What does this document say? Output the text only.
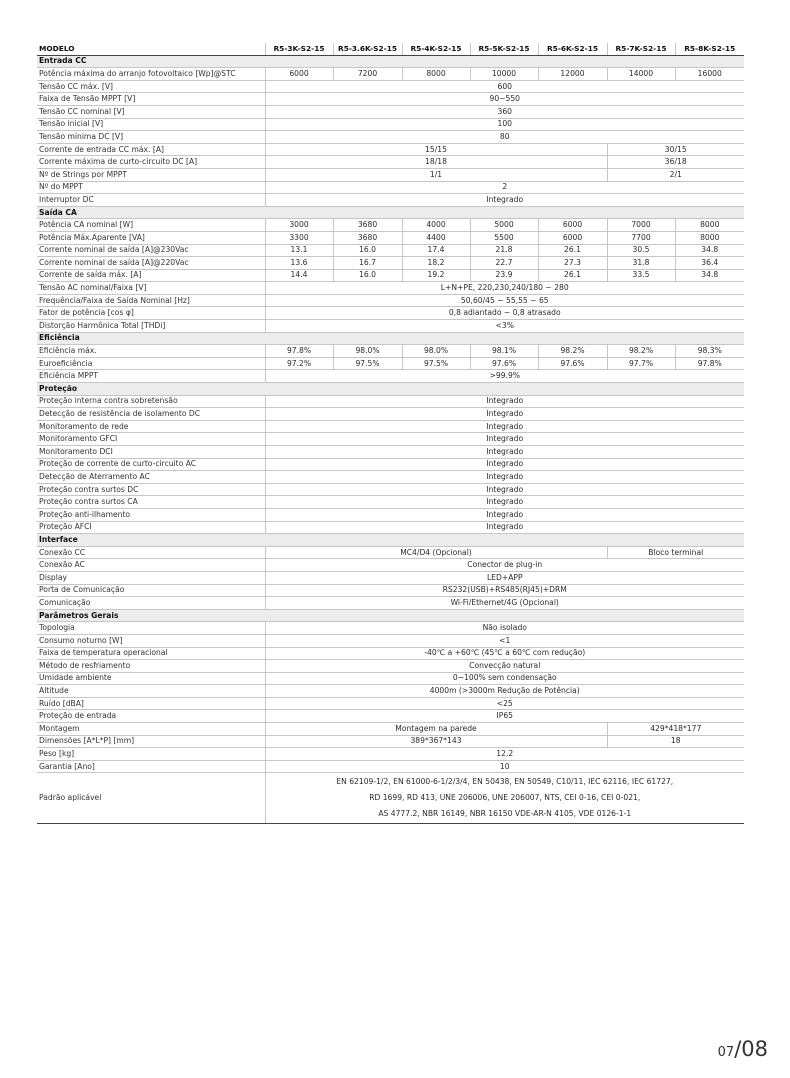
MODELO	R5-3K-S2-15	R5-3.6K-S2-15	R5-4K-S2-15	R5-5K-S2-15	R5-6K-S2-15	R5-7K-S2-15	R5-8K-S2-15
Entrada CC							
Potência máxima do arranjo fotovoltaico [Wp]@STC	6000	7200	8000	10000	12000	14000	16000
Tensão CC máx. [V]	600						
Faixa de Tensão MPPT [V]	90~550						
Tensão CC nominal [V]	360						
Tensão inicial [V]	100						
Tensão mínima DC [V]	80						
Corrente de entrada CC máx. [A]	15/15					30/15	
Corrente máxima de curto-circuito DC [A]	18/18					36/18	
Nº de Strings por MPPT	1/1					2/1	
Nº do MPPT	2						
Interruptor DC	Integrado						
Saída CA							
Potência CA nominal [W]	3000	3680	4000	5000	6000	7000	8000
Potência Máx.Aparente [VA]	3300	3680	4400	5500	6000	7700	8000
Corrente nominal de saída [A]@230Vac	13.1	16.0	17.4	21.8	26.1	30.5	34.8
Corrente nominal de saída [A]@220Vac	13.6	16.7	18.2	22.7	27.3	31.8	36.4
Corrente de saída máx. [A]	14.4	16.0	19.2	23.9	26.1	33.5	34.8
Tensão AC nominal/Faixa [V]	L+N+PE, 220,230,240/180 ~ 280						
Frequência/Faixa de Saída Nominal [Hz]	50,60/45 ~ 55,55 ~ 65						
Fator de potência [cos φ]	0,8 adiantado ~ 0,8 atrasado						
Distorção Harmônica Total [THDi]	<3%						
Eficiência							
Eficiência máx.	97.8%	98.0%	98.0%	98.1%	98.2%	98.2%	98.3%
Euroeficiência	97.2%	97.5%	97.5%	97.6%	97.6%	97.7%	97.8%
Eficiência MPPT	>99.9%						
Proteção							
Proteção interna contra sobretensão	Integrado						
Detecção de resistência de isolamento DC	Integrado						
Monitoramento de rede	Integrado						
Monitoramento GFCI	Integrado						
Monitoramento DCI	Integrado						
Proteção de corrente de curto-circuito AC	Integrado						
Detecção de Aterramento AC	Integrado						
Proteção contra surtos DC	Integrado						
Proteção contra surtos CA	Integrado						
Proteção anti-ilhamento	Integrado						
Proteção AFCI	Integrado						
Interface							
Conexão CC	MC4/D4 (Opcional)					Bloco terminal	
Conexão AC	Conector de plug-in						
Display	LED+APP						
Porta de Comunicação	RS232(USB)+RS485(RJ45)+DRM						
Comunicação	Wi-Fi/Ethernet/4G (Opcional)						
Parâmetros Gerais							
Topologia	Não isolado						
Consumo noturno [W]	<1						
Faixa de temperatura operacional	-40℃ a +60℃ (45℃ a 60℃ com redução)						
Método de resfriamento	Convecção natural						
Umidade ambiente	0~100% sem condensação						
Altitude	4000m (>3000m Redução de Potência)						
Ruído [dBA]	<25						
Proteção de entrada	IP65						
Montagem	Montagem na parede					429*418*177	
Dimensões [A*L*P] [mm]	389*367*143					18	
Peso [kg]	12.2						
Garantia [Ano]	10						
Padrão aplicável	EN 62109-1/2, EN 61000-6-1/2/3/4, EN 50438, EN 50549, C10/11, IEC 62116, IEC 61727,
RD 1699, RD 413, UNE 206006, UNE 206007, NTS, CEI 0-16, CEI 0-021,
AS 4777.2, NBR 16149, NBR 16150 VDE-AR-N 4105, VDE 0126-1-1						
07/08
